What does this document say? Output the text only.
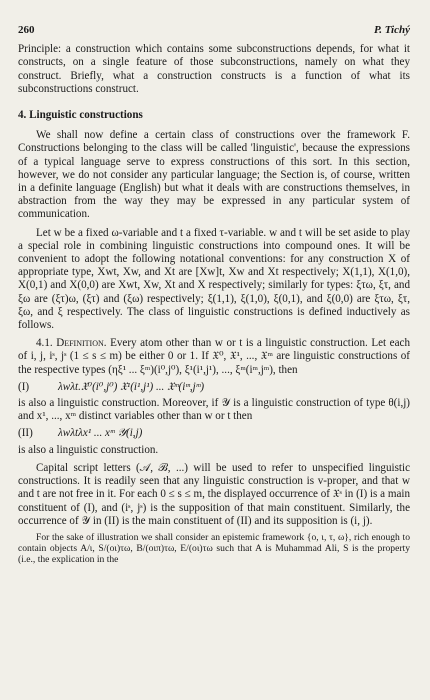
260	P. Tichý

Principle: a construction which contains some subconstructions depends, for what it constructs, on a single feature of those subconstructions, namely on what they construct. Briefly, what a construction constructs is a function of what its subconstructions construct.

4. Linguistic constructions

We shall now define a certain class of constructions over the framework F. Constructions belonging to the class will be called 'linguistic', because the expressions of a typical language serve to express constructions of this sort. In this section, however, we do not consider any particular language; the Section is, of course, written in a definite language (English) but what it deals with are constructions themselves, in abstraction from the way they may be expressed in any particular system of communication.

Let w be a fixed ω-variable and t a fixed τ-variable. w and t will be set aside to play a special role in combining linguistic constructions into compound ones. It will be convenient to adopt the following notational conventions: for any construction X of appropriate type, Xwt, Xw, and Xt are [Xw]t, Xw and Xt respectively; X(1,1), X(1,0), X(0,1) and X(0,0) are Xwt, Xw, Xt and X respectively; similarly for types: ξτω, ξτ, and ξω are (ξτ)ω, (ξτ) and (ξω) respectively; ξ(1,1), ξ(1,0), ξ(0,1), and ξ(0,0) are ξτω, ξτ, ξω, and ξ respectively. The class of linguistic constructions is defined inductively as follows.

4.1. Definition. Every atom other than w or t is a linguistic construction. Let each of i, j, iˢ, jˢ (1 ≤ s ≤ m) be either 0 or 1. If 𝔛⁰, 𝔛¹, ..., 𝔛ᵐ are linguistic constructions of the respective types (ηξ¹ ... ξᵐ)(i⁰,j⁰), ξ¹(i¹,j¹), ..., ξᵐ(iᵐ,jᵐ), then

(I)	λwλt.𝔛⁰(i⁰,j⁰) 𝔛¹(i¹,j¹) ... 𝔛ᵐ(iᵐ,jᵐ)

is also a linguistic construction. Moreover, if 𝒴 is a linguistic construction of type θ(i,j) and x¹, ..., xᵐ distinct variables other than w or t then

(II)	λwλtλx¹ ... xᵐ 𝒴(i,j)

is also a linguistic construction.

Capital script letters (𝒜, ℬ, ...) will be used to refer to unspecified linguistic constructions. It is readily seen that any linguistic construction is v-proper, and that w and t are not free in it. For each 0 ≤ s ≤ m, the displayed occurrence of 𝔛ˢ in (I) is a main constituent of (I), and (iˢ, jˢ) is the supposition of that main constituent. Similarly, the occurrence of 𝒴 in (II) is the main constituent of (II) and its supposition is (i, j).

For the sake of illustration we shall consider an epistemic framework {o, ι, τ, ω}, rich enough to contain objects A/ι, S/(oι)τω, B/(oιπ)τω, E/(oι)τω such that A is Muhammad Ali, S is the property (i.e., the explication in the
